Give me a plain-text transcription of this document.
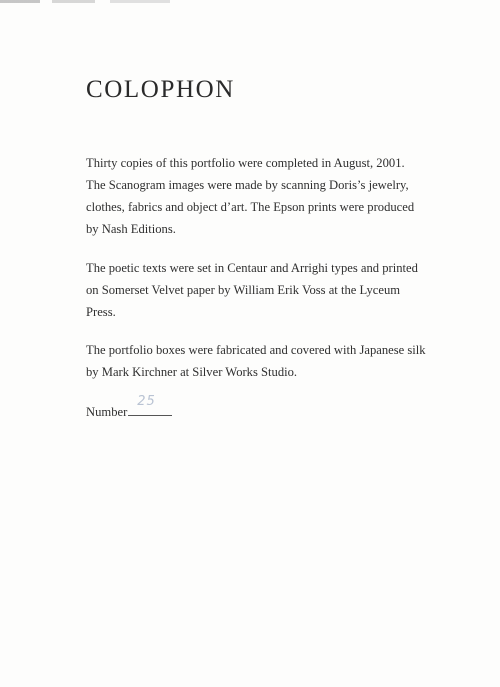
COLOPHON

Thirty copies of this portfolio were completed in August, 2001. The Scanogram images were made by scanning Doris’s jewelry, clothes, fabrics and object d’art. The Epson prints were produced by Nash Editions.

The poetic texts were set in Centaur and Arrighi types and printed on Somerset Velvet paper by William Erik Voss at the Lyceum Press.

The portfolio boxes were fabricated and covered with Japanese silk by Mark Kirchner at Silver Works Studio.

Number
25
